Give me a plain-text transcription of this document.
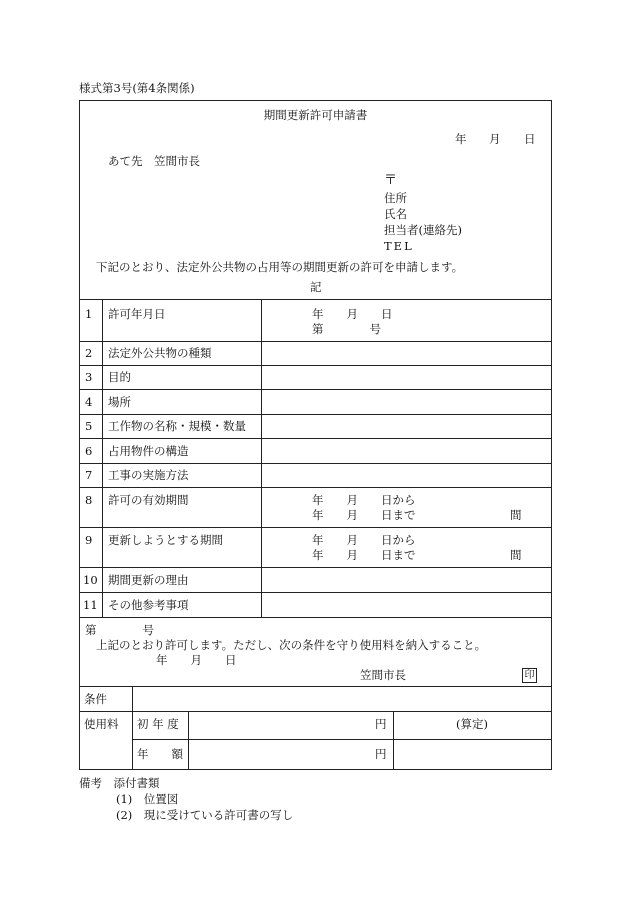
様式第3号(第4条関係)
期間更新許可申請書
年 月 日
あて先　笠間市長
〒
住所
氏名
担当者(連絡先)
TEL
下記のとおり、法定外公共物の占用等の期間更新の許可を申請します。
記
1 許可年月日	年　　月　　日
第　　　　号
2 法定外公共物の種類
3 目的
4 場所
5 工作物の名称・規模・数量
6 占用物件の構造
7 工事の実施方法
8 許可の有効期間	年　　月　　日から
年　　月　　日まで	間
9 更新しようとする期間	年　　月　　日から
年　　月　　日まで	間
10 期間更新の理由
11 その他参考事項
第　　　　号
上記のとおり許可します。ただし、次の条件を守り使用料を納入すること。
年　　月　　日
笠間市長	印
条件
使用料 初 年 度	円	(算定)
年　　額	円
備考　添付書類
(1)　位置図
(2)　現に受けている許可書の写し
